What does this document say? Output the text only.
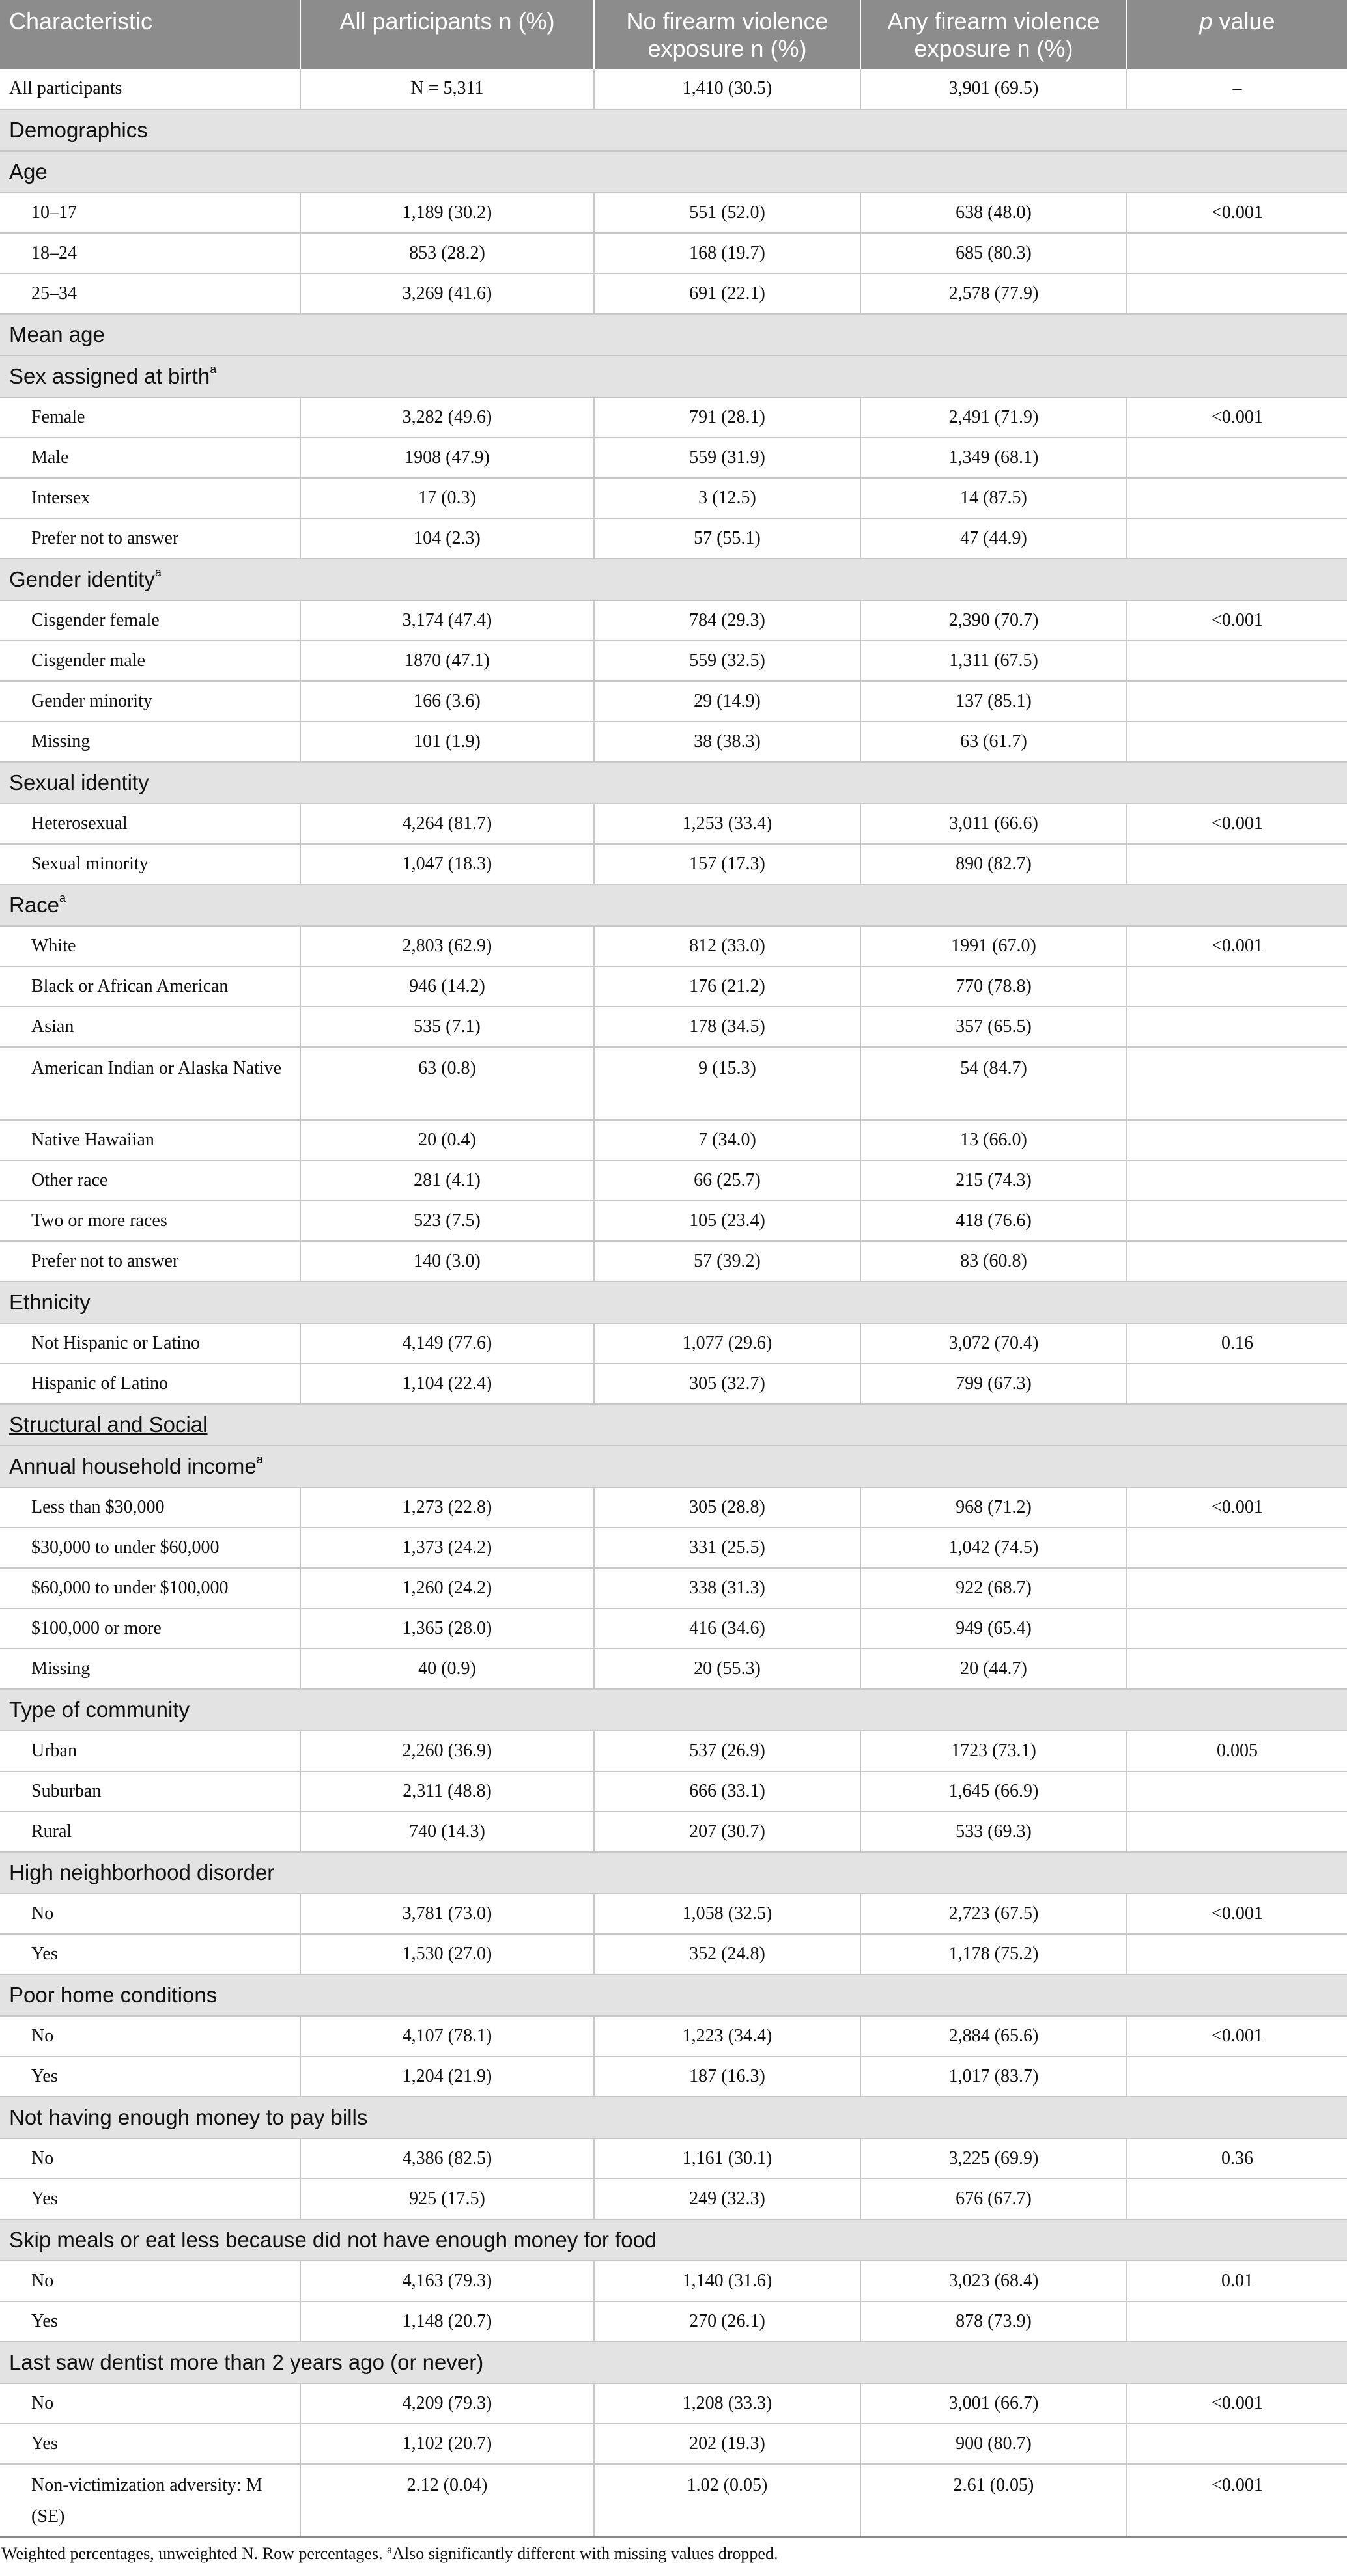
Characteristic	All participants n (%)	No firearm violence exposure n (%)	Any firearm violence exposure n (%)	p value
All participants	N = 5,311	1,410 (30.5)	3,901 (69.5)	–
Demographics				
Age				
10–17	1,189 (30.2)	551 (52.0)	638 (48.0)	<0.001
18–24	853 (28.2)	168 (19.7)	685 (80.3)	
25–34	3,269 (41.6)	691 (22.1)	2,578 (77.9)	
Mean age				
Sex assigned at birth$^a$
Female	3,282 (49.6)	791 (28.1)	2,491 (71.9)	<0.001
Male	1908 (47.9)	559 (31.9)	1,349 (68.1)	
Intersex	17 (0.3)	3 (12.5)	14 (87.5)	
Prefer not to answer	104 (2.3)	57 (55.1)	47 (44.9)	
Gender identity$^a$
Cisgender female	3,174 (47.4)	784 (29.3)	2,390 (70.7)	<0.001
Cisgender male	1870 (47.1)	559 (32.5)	1,311 (67.5)	
Gender minority	166 (3.6)	29 (14.9)	137 (85.1)	
Missing	101 (1.9)	38 (38.3)	63 (61.7)	
Sexual identity				
Heterosexual	4,264 (81.7)	1,253 (33.4)	3,011 (66.6)	<0.001
Sexual minority	1,047 (18.3)	157 (17.3)	890 (82.7)	
Race$^a$
White	2,803 (62.9)	812 (33.0)	1991 (67.0)	<0.001
Black or African American	946 (14.2)	176 (21.2)	770 (78.8)	
Asian	535 (7.1)	178 (34.5)	357 (65.5)	
American Indian or Alaska Native	63 (0.8)	9 (15.3)	54 (84.7)	
Native Hawaiian	20 (0.4)	7 (34.0)	13 (66.0)	
Other race	281 (4.1)	66 (25.7)	215 (74.3)	
Two or more races	523 (7.5)	105 (23.4)	418 (76.6)	
Prefer not to answer	140 (3.0)	57 (39.2)	83 (60.8)	
Ethnicity				
Not Hispanic or Latino	4,149 (77.6)	1,077 (29.6)	3,072 (70.4)	0.16
Hispanic of Latino	1,104 (22.4)	305 (32.7)	799 (67.3)	
Structural and Social				
Annual household income$^a$
Less than $30,000	1,273 (22.8)	305 (28.8)	968 (71.2)	<0.001
$30,000 to under $60,000	1,373 (24.2)	331 (25.5)	1,042 (74.5)	
$60,000 to under $100,000	1,260 (24.2)	338 (31.3)	922 (68.7)	
$100,000 or more	1,365 (28.0)	416 (34.6)	949 (65.4)	
Missing	40 (0.9)	20 (55.3)	20 (44.7)	
Type of community				
Urban	2,260 (36.9)	537 (26.9)	1723 (73.1)	0.005
Suburban	2,311 (48.8)	666 (33.1)	1,645 (66.9)	
Rural	740 (14.3)	207 (30.7)	533 (69.3)	
High neighborhood disorder				
No	3,781 (73.0)	1,058 (32.5)	2,723 (67.5)	<0.001
Yes	1,530 (27.0)	352 (24.8)	1,178 (75.2)	
Poor home conditions				
No	4,107 (78.1)	1,223 (34.4)	2,884 (65.6)	<0.001
Yes	1,204 (21.9)	187 (16.3)	1,017 (83.7)	
Not having enough money to pay bills				
No	4,386 (82.5)	1,161 (30.1)	3,225 (69.9)	0.36
Yes	925 (17.5)	249 (32.3)	676 (67.7)	
Skip meals or eat less because did not have enough money for food				
No	4,163 (79.3)	1,140 (31.6)	3,023 (68.4)	0.01
Yes	1,148 (20.7)	270 (26.1)	878 (73.9)	
Last saw dentist more than 2 years ago (or never)				
No	4,209 (79.3)	1,208 (33.3)	3,001 (66.7)	<0.001
Yes	1,102 (20.7)	202 (19.3)	900 (80.7)	
Non-victimization adversity: M (SE)	2.12 (0.04)	1.02 (0.05)	2.61 (0.05)	<0.001
Weighted percentages, unweighted N. Row percentages. $^a$Also significantly different with missing values dropped.
